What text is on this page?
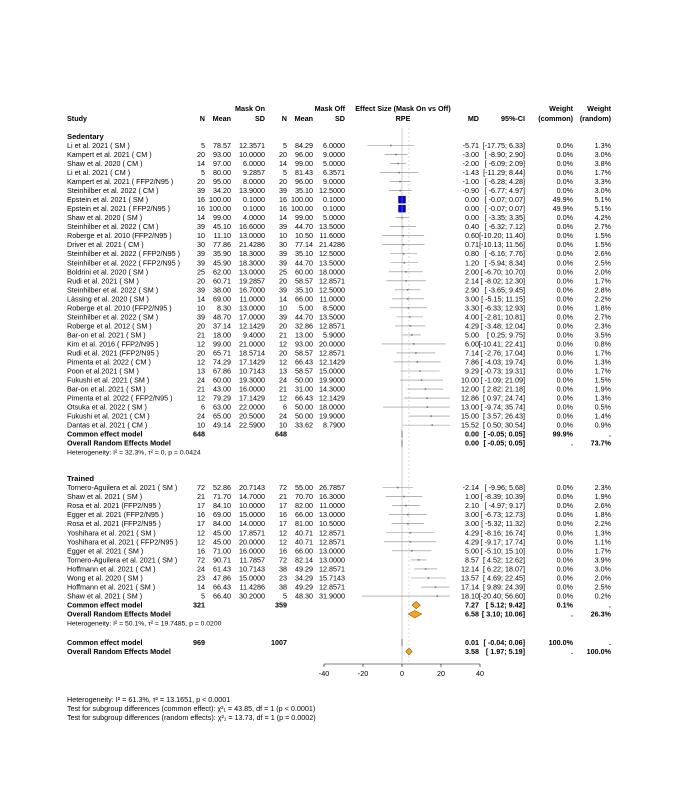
Mask On	Mask Off Effect Size (Mask On vs Off)	Weight Weight
Study	N Mean	SD N Mean	SD	RPE	MD	95%-CI (common) (random)
Sedentary
Li et al. 2021 ( SM )	5 78.57 12.3571	5 84.29 6.0000	-5.71 [-17.75; 6.33]	0.0%	1.3%
Kampert et al. 2021 ( CM )	20 93.00 10.0000 20 96.00 9.0000	-3.00 [ -8.90; 2.90]	0.0%	3.0%
Shaw et al. 2020 ( CM )	14 97.00 6.0000 14 99.00 5.0000	-2.00 [ -6.09; 2.09]	0.0%	3.8%
Li et al. 2021 ( CM )	5 80.00 9.2857	5 81.43 6.3571	-1.43 [-11.29; 8.44]	0.0%	1.7%
Kampert et al. 2021 ( FFP2/N95 )	20 95.00 8.0000 20 96.00 9.0000	-1.00 [ -6.28; 4.28]	0.0%	3.3%
Steinhilber et al. 2022 ( CM )	39 34.20 13.9000 39 35.10 12.5000	-0.90 [ -6.77; 4.97]	0.0%	3.0%
Epstein et al. 2021 ( SM )	16 100.00 0.1000 16 100.00 0.1000	0.00 [ -0.07; 0.07]	49.9%	5.1%
Epstein et al. 2021 ( FFP2/N95 )	16 100.00 0.1000 16 100.00 0.1000	0.00 [ -0.07; 0.07]	49.9%	5.1%
Shaw et al. 2020 ( SM )	14 99.00 4.0000 14 99.00 5.0000	0.00 [ -3.35; 3.35]	0.0%	4.2%
Steinhilber et al. 2022 ( CM )	39 45.10 16.6000 39 44.70 13.5000	0.40 [ -6.32; 7.12]	0.0%	2.7%
Roberge et al. 2010 (FFP2/N95 )	10 11.10 13.0000 10 10.50 11.6000	0.60 [-10.20; 11.40]	0.0%	1.5%
Driver et al. 2021 ( CM )	30 77.86 21.4286 30 77.14 21.4286	0.71 [-10.13; 11.56]	0.0%	1.5%
Steinhilber et al. 2022 ( FFP2/N95 ) 39 35.90 18.3000 39 35.10 12.5000	0.80 [ -6.16; 7.76]	0.0%	2.6%
Steinhilber et al. 2022 ( FFP2/N95 ) 39 45.90 18.3000 39 44.70 13.5000	1.20 [ -5.94; 8.34]	0.0%	2.5%
Boldrini et al. 2020 ( SM )	25 62.00 13.0000 25 60.00 18.0000	2.00 [ -6.70; 10.70]	0.0%	2.0%
Rudi et al. 2021 ( SM )	20 60.71 19.2857 20 58.57 12.8571	2.14 [ -8.02; 12.30]	0.0%	1.7%
Steinhilber et al. 2022 ( SM )	39 38.00 16.7000 39 35.10 12.5000	2.90 [ -3.65; 9.45]	0.0%	2.8%
Lässing et al. 2020 ( SM )	14 69.00 11.0000 14 66.00 11.0000	3.00 [ -5.15; 11.15]	0.0%	2.2%
Roberge et al. 2010 (FFP2/N95 )	10 8.30 13.0000 10 5.00 8.5000	3.30 [ -6.33; 12.93]	0.0%	1.8%
Steinhilber et al. 2022 ( SM )	39 48.70 17.0000 39 44.70 13.5000	4.00 [ -2.81; 10.81]	0.0%	2.7%
Roberge et al. 2012 ( SM )	20 37.14 12.1429 20 32.86 12.8571	4.29 [ -3.48; 12.04]	0.0%	2.3%
Bar-on et al. 2021 ( SM )	21 18.00 9.4000 21 13.00 5.9000	5.00 [ 0.25; 9.75]	0.0%	3.5%
Kim et al. 2016 ( FFP2/N95 )	12 99.00 21.0000 12 93.00 20.0000	6.00 [-10.41; 22.41]	0.0%	0.8%
Rudi et al. 2021 (FFP2/N95 )	20 65.71 18.5714 20 58.57 12.8571	7.14 [ -2.76; 17.04]	0.0%	1.7%
Pimenta et al. 2022 ( CM )	12 74.29 17.1429 12 66.43 12.1429	7.86 [ -4.03; 19.74]	0.0%	1.3%
Poon et al.2021 ( SM )	13 67.86 10.7143 13 58.57 15.0000	9.29 [ -0.73; 19.31]	0.0%	1.7%
Fukushi et al. 2021 ( SM )	24 60.00 19.3000 24 50.00 19.9000	10.00 [ -1.09; 21.09]	0.0%	1.5%
Bar-on et al. 2021 ( SM )	21 43.00 16.0000 21 31.00 14.3000	12.00 [ 2.82; 21.18]	0.0%	1.9%
Pimenta et al. 2022 ( FFP2/N95 )	12 79.29 17.1429 12 66.43 12.1429	12.86 [ 0.97; 24.74]	0.0%	1.3%
Otsuka et al. 2022 ( SM )	6 63.00 22.0000	6 50.00 18.0000	13.00 [ -9.74; 35.74]	0.0%	0.5%
Fukushi et al. 2021 ( CM )	24 65.00 20.5000 24 50.00 19.9000	15.00 [ 3.57; 26.43]	0.0%	1.4%
Dantas et al. 2021 ( CM )	10 49.14 22.5900 10 33.62 8.7900	15.52 [ 0.50; 30.54]	0.0%	0.9%
Common effect model	648	648	0.00 [ -0.05; 0.05]	99.9%	.
Overall Random Effects Model	0.00 [ -0.05; 0.05]	. 73.7%
Heterogeneity: I² = 32.3%, τ² = 0, p = 0.0424
Trained
Tornero-Aguilera et al. 2021 ( SM )	72 52.86 20.7143 72 55.00 26.7857	-2.14 [ -9.96; 5.68]	0.0%	2.3%
Shaw et al. 2021 ( SM )	21 71.70 14.7000 21 70.70 16.3000	1.00 [ -8.39; 10.39]	0.0%	1.9%
Rosa et al. 2021 (FFP2/N95 )	17 84.10 10.0000 17 82.00 11.0000	2.10 [ -4.97; 9.17]	0.0%	2.6%
Egger et al. 2021 (FFP2/N95 )	16 69.00 15.0000 16 66.00 13.0000	3.00 [ -6.73; 12.73]	0.0%	1.8%
Rosa et al. 2021 (FFP2/N95 )	17 84.00 14.0000 17 81.00 10.5000	3.00 [ -5.32; 11.32]	0.0%	2.2%
Yoshihara et al. 2021 ( SM )	12 45.00 17.8571 12 40.71 12.8571	4.29 [ -8.16; 16.74]	0.0%	1.3%
Yoshihara et al. 2021 ( FFP2/N95 )	12 45.00 20.0000 12 40.71 12.8571	4.29 [ -9.17; 17.74]	0.0%	1.1%
Egger et al. 2021 ( SM )	16 71.00 16.0000 16 66.00 13.0000	5.00 [ -5.10; 15.10]	0.0%	1.7%
Tornero-Aguilera et al. 2021 ( SM )	72 90.71 11.7857 72 82.14 13.0000	8.57 [ 4.52; 12.62]	0.0%	3.9%
Hoffmann et al. 2021 ( CM )	24 61.43 10.7143 38 49.29 12.8571	12.14 [ 6.22; 18.07]	0.0%	3.0%
Wong et al. 2020 ( SM )	23 47.86 15.0000 23 34.29 15.7143	13.57 [ 4.69; 22.45]	0.0%	2.0%
Hoffmann et al. 2021 ( SM )	14 66.43 11.4286 38 49.29 12.8571	17.14 [ 9.89; 24.39]	0.0%	2.5%
Shaw et al. 2021 ( SM )	5 66.40 30.2000	5 48.30 31.9000	18.10 [-20.40; 56.60]	0.0%	0.2%
Common effect model	321	359	7.27 [ 5.12; 9.42]	0.1%	.
Overall Random Effects Model	6.58 [ 3.10; 10.06]	. 26.3%
Heterogeneity: I² = 50.1%, τ² = 19.7485, p = 0.0200
Common effect model	969	1007	0.01 [ -0.04; 0.06]	100.0%	.
Overall Random Effects Model	3.58 [ 1.97; 5.19]	. 100.0%
-40	-20	0	20	40
Heterogeneity: I² = 61.3%, τ² = 13.1651, p < 0.0001
Test for subgroup differences (common effect): χ²₁ = 43.85, df = 1 (p < 0.0001)
Test for subgroup differences (random effects): χ²₁ = 13.73, df = 1 (p = 0.0002)
